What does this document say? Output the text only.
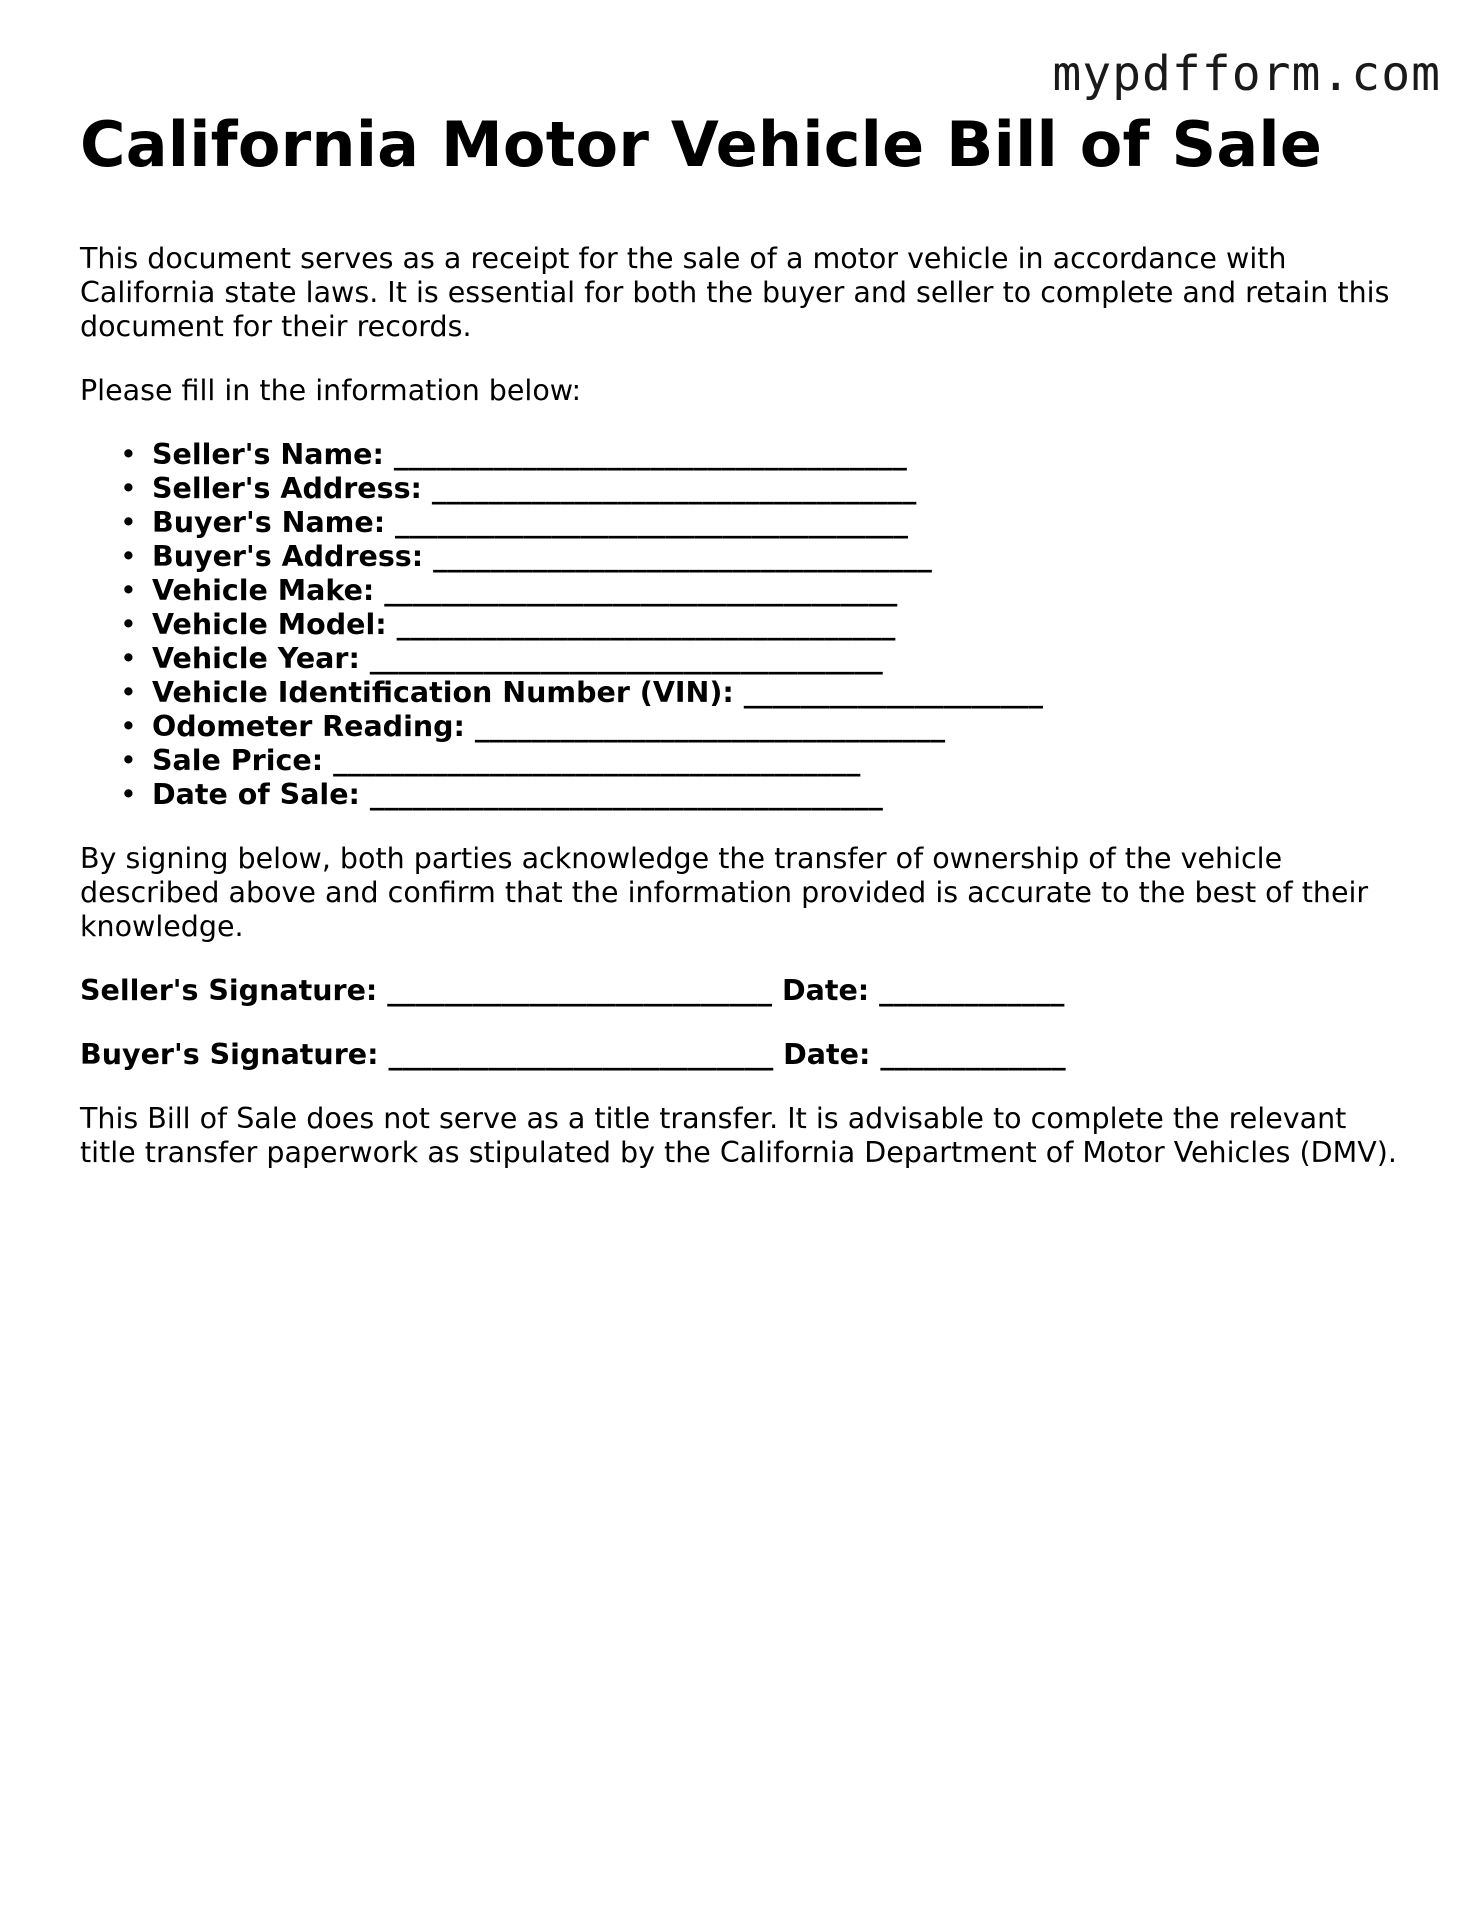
mypdfform.com
California Motor Vehicle Bill of Sale

This document serves as a receipt for the sale of a motor vehicle in accordance with California state laws. It is essential for both the buyer and seller to complete and retain this document for their records.

Please fill in the information below:

• Seller's Name: ____________________________________
• Seller's Address: __________________________________
• Buyer's Name: ____________________________________
• Buyer's Address: ___________________________________
• Vehicle Make: ____________________________________
• Vehicle Model: ___________________________________
• Vehicle Year: ____________________________________
• Vehicle Identification Number (VIN): _____________________
• Odometer Reading: _________________________________
• Sale Price: _____________________________________
• Date of Sale: ____________________________________

By signing below, both parties acknowledge the transfer of ownership of the vehicle described above and confirm that the information provided is accurate to the best of their knowledge.

Seller's Signature: ___________________________ Date: _____________
Buyer's Signature: ___________________________ Date: _____________

This Bill of Sale does not serve as a title transfer. It is advisable to complete the relevant title transfer paperwork as stipulated by the California Department of Motor Vehicles (DMV).
